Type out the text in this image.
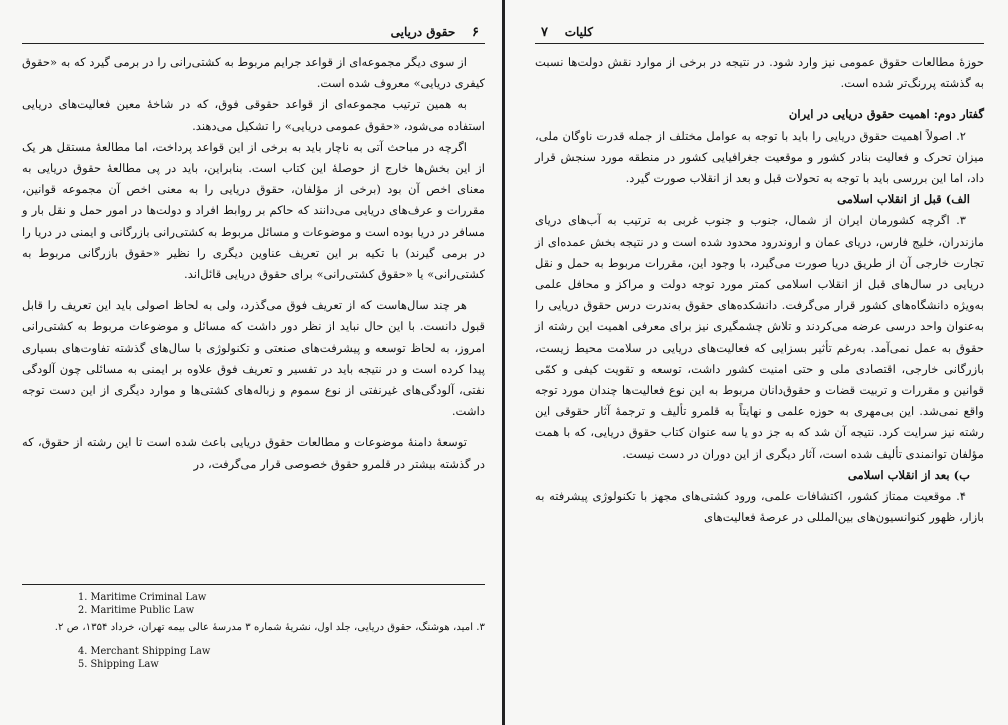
۶    حقوق دریایی

از سوی دیگر مجموعه‌ای از قواعد جرایم مربوط به کشتی‌رانی را در برمی گیرد که به «حقوق کیفری دریایی» معروف شده است.

به همین ترتیب مجموعه‌ای از قواعد حقوقی فوق، که در شاخهٔ معین فعالیت‌های دریایی استفاده می‌شود، «حقوق عمومی دریایی» را تشکیل می‌دهند.

اگرچه در مباحث آتی به ناچار باید به برخی از این قواعد پرداخت، اما مطالعهٔ مستقل هر یک از این بخش‌ها خارج از حوصلهٔ این کتاب است. بنابراین، باید در پی مطالعهٔ حقوق دریایی به معنای اخص آن بود (برخی از مؤلفان، حقوق دریایی را به معنی اخص آن مجموعه قوانین، مقررات و عرف‌های دریایی می‌دانند که حاکم بر روابط افراد و دولت‌ها در امور حمل و نقل بار و مسافر در دریا بوده است و موضوعات و مسائل مربوط به کشتی‌رانی بازرگانی و ایمنی در دریا را در برمی گیرند) با تکیه بر این تعریف عناوین دیگری را نظیر «حقوق بازرگانی مربوط به کشتی‌رانی» یا «حقوق کشتی‌رانی» برای حقوق دریایی قائل‌اند.

هر چند سال‌هاست که از تعریف فوق می‌گذرد، ولی به لحاظ اصولی باید این تعریف را قابل قبول دانست. با این حال نباید از نظر دور داشت که مسائل و موضوعات مربوط به کشتی‌رانی امروز، به لحاظ توسعه و پیشرفت‌های صنعتی و تکنولوژی با سال‌های گذشته تفاوت‌های بسیاری پیدا کرده است و در نتیجه باید در تفسیر و تعریف فوق علاوه بر ایمنی به مسائلی چون آلودگی نفتی، آلودگی‌های غیرنفتی از نوع سموم و زباله‌های کشتی‌ها و موارد دیگری از این دست توجه داشت.

توسعهٔ دامنهٔ موضوعات و مطالعات حقوق دریایی باعث شده است تا این رشته از حقوق، که در گذشته بیشتر در قلمرو حقوق خصوصی قرار می‌گرفت، در

1. Maritime Criminal Law
2. Maritime Public Law
۳. امید، هوشنگ، حقوق دریایی، جلد اول، نشریهٔ شماره ۳ مدرسهٔ عالی بیمه تهران، خرداد ۱۳۵۴، ص ۲.
4. Merchant Shipping Law
5. Shipping Law
کلیات    ۷

حوزهٔ مطالعات حقوق عمومی نیز وارد شود. در نتیجه در برخی از موارد نقش دولت‌ها نسبت به گذشته پررنگ‌تر شده است.

گفتار دوم: اهمیت حقوق دریایی در ایران

۲. اصولاً اهمیت حقوق دریایی را باید با توجه به عوامل مختلف از جمله قدرت ناوگان ملی، میزان تحرک و فعالیت بنادر کشور و موقعیت جغرافیایی کشور در منطقه مورد سنجش قرار داد، اما این بررسی باید با توجه به تحولات قبل و بعد از انقلاب صورت گیرد.

الف) قبل از انقلاب اسلامی

۳. اگرچه کشورمان ایران از شمال، جنوب و جنوب غربی به ترتیب به آب‌های دریای مازندران، خلیج فارس، دریای عمان و اروندرود محدود شده است و در نتیجه بخش عمده‌ای از تجارت خارجی آن از طریق دریا صورت می‌گیرد، با وجود این، مقررات مربوط به حمل و نقل دریایی در سال‌های قبل از انقلاب اسلامی کمتر مورد توجه دولت و مراکز و محافل علمی به‌ویژه دانشگاه‌های کشور قرار می‌گرفت. دانشکده‌های حقوق به‌ندرت درس حقوق دریایی را به‌عنوان واحد درسی عرضه می‌کردند و تلاش چشمگیری نیز برای معرفی اهمیت این رشته از حقوق به عمل نمی‌آمد. به‌رغم تأثیر بسزایی که فعالیت‌های دریایی در سلامت محیط زیست، بازرگانی خارجی، اقتصادی ملی و حتی امنیت کشور داشت، توسعه و تقویت کیفی و کمّی قوانین و مقررات و تربیت قضات و حقوق‌دانان مربوط به این نوع فعالیت‌ها چندان مورد توجه واقع نمی‌شد. این بی‌مهری به حوزه علمی و نهایتاً به قلمرو تألیف و ترجمهٔ آثار حقوقی این رشته نیز سرایت کرد. نتیجه آن شد که به جز دو یا سه عنوان کتاب حقوق دریایی، که با همت مؤلفان توانمندی تألیف شده است، آثار دیگری از این دوران در دست نیست.

ب) بعد از انقلاب اسلامی

۴. موقعیت ممتاز کشور، اکتشافات علمی، ورود کشتی‌های مجهز با تکنولوژی پیشرفته به بازار، ظهور کنوانسیون‌های بین‌المللی در عرصهٔ فعالیت‌های
